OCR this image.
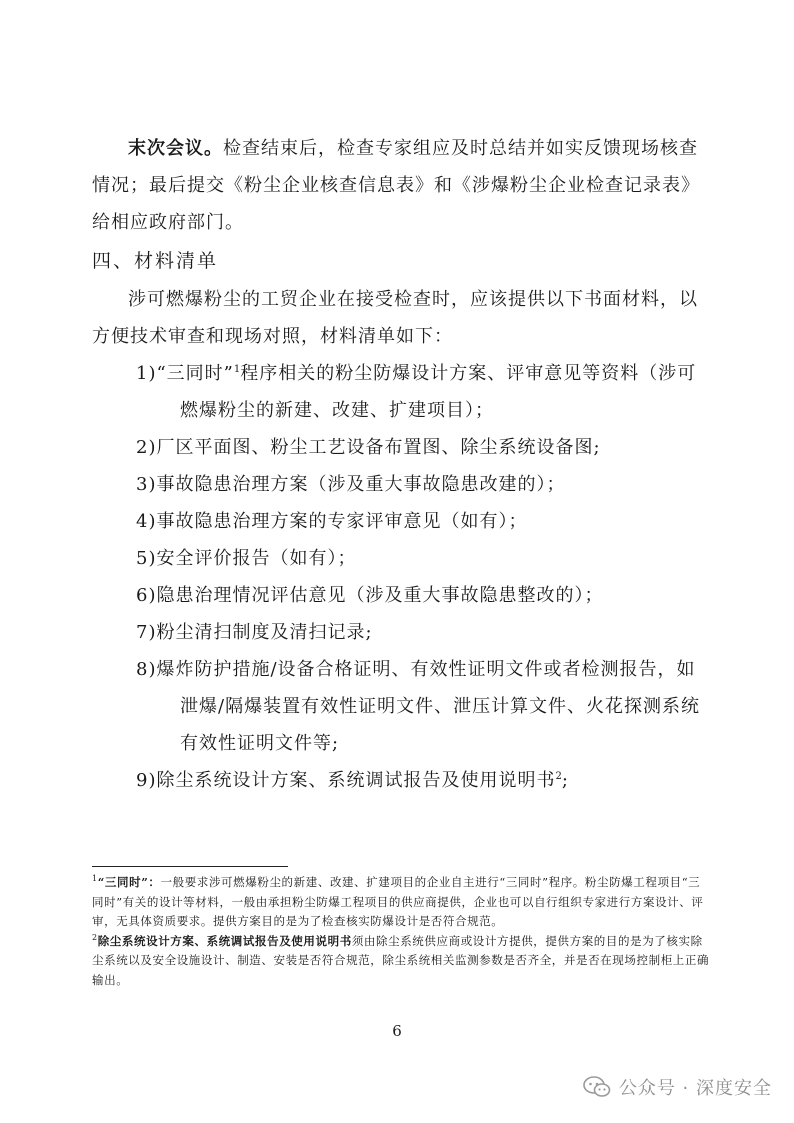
末次会议。检查结束后，检查专家组应及时总结并如实反馈现场核查情况；最后提交《粉尘企业核查信息表》和《涉爆粉尘企业检查记录表》给相应政府部门。

四、材料清单

涉可燃爆粉尘的工贸企业在接受检查时，应该提供以下书面材料，以方便技术审查和现场对照，材料清单如下：

1)“三同时”$^1$程序相关的粉尘防爆设计方案、评审意见等资料（涉可燃爆粉尘的新建、改建、扩建项目）；

2)厂区平面图、粉尘工艺设备布置图、除尘系统设备图;

3)事故隐患治理方案（涉及重大事故隐患改建的）；

4)事故隐患治理方案的专家评审意见（如有）；

5)安全评价报告（如有）；

6)隐患治理情况评估意见（涉及重大事故隐患整改的）；

7)粉尘清扫制度及清扫记录;

8)爆炸防护措施/设备合格证明、有效性证明文件或者检测报告，如泄爆/隔爆装置有效性证明文件、泄压计算文件、火花探测系统有效性证明文件等;

9)除尘系统设计方案、系统调试报告及使用说明书$^2$;

$^1$“三同时”：一般要求涉可燃爆粉尘的新建、改建、扩建项目的企业自主进行“三同时”程序。粉尘防爆工程项目“三同时”有关的设计等材料，一般由承担粉尘防爆工程项目的供应商提供，企业也可以自行组织专家进行方案设计、评审，无具体资质要求。提供方案目的是为了检查核实防爆设计是否符合规范。

$^2$除尘系统设计方案、系统调试报告及使用说明书须由除尘系统供应商或设计方提供，提供方案的目的是为了核实除尘系统以及安全设施设计、制造、安装是否符合规范，除尘系统相关监测参数是否齐全，并是否在现场控制柜上正确输出。

6
公众号 · 深度安全
